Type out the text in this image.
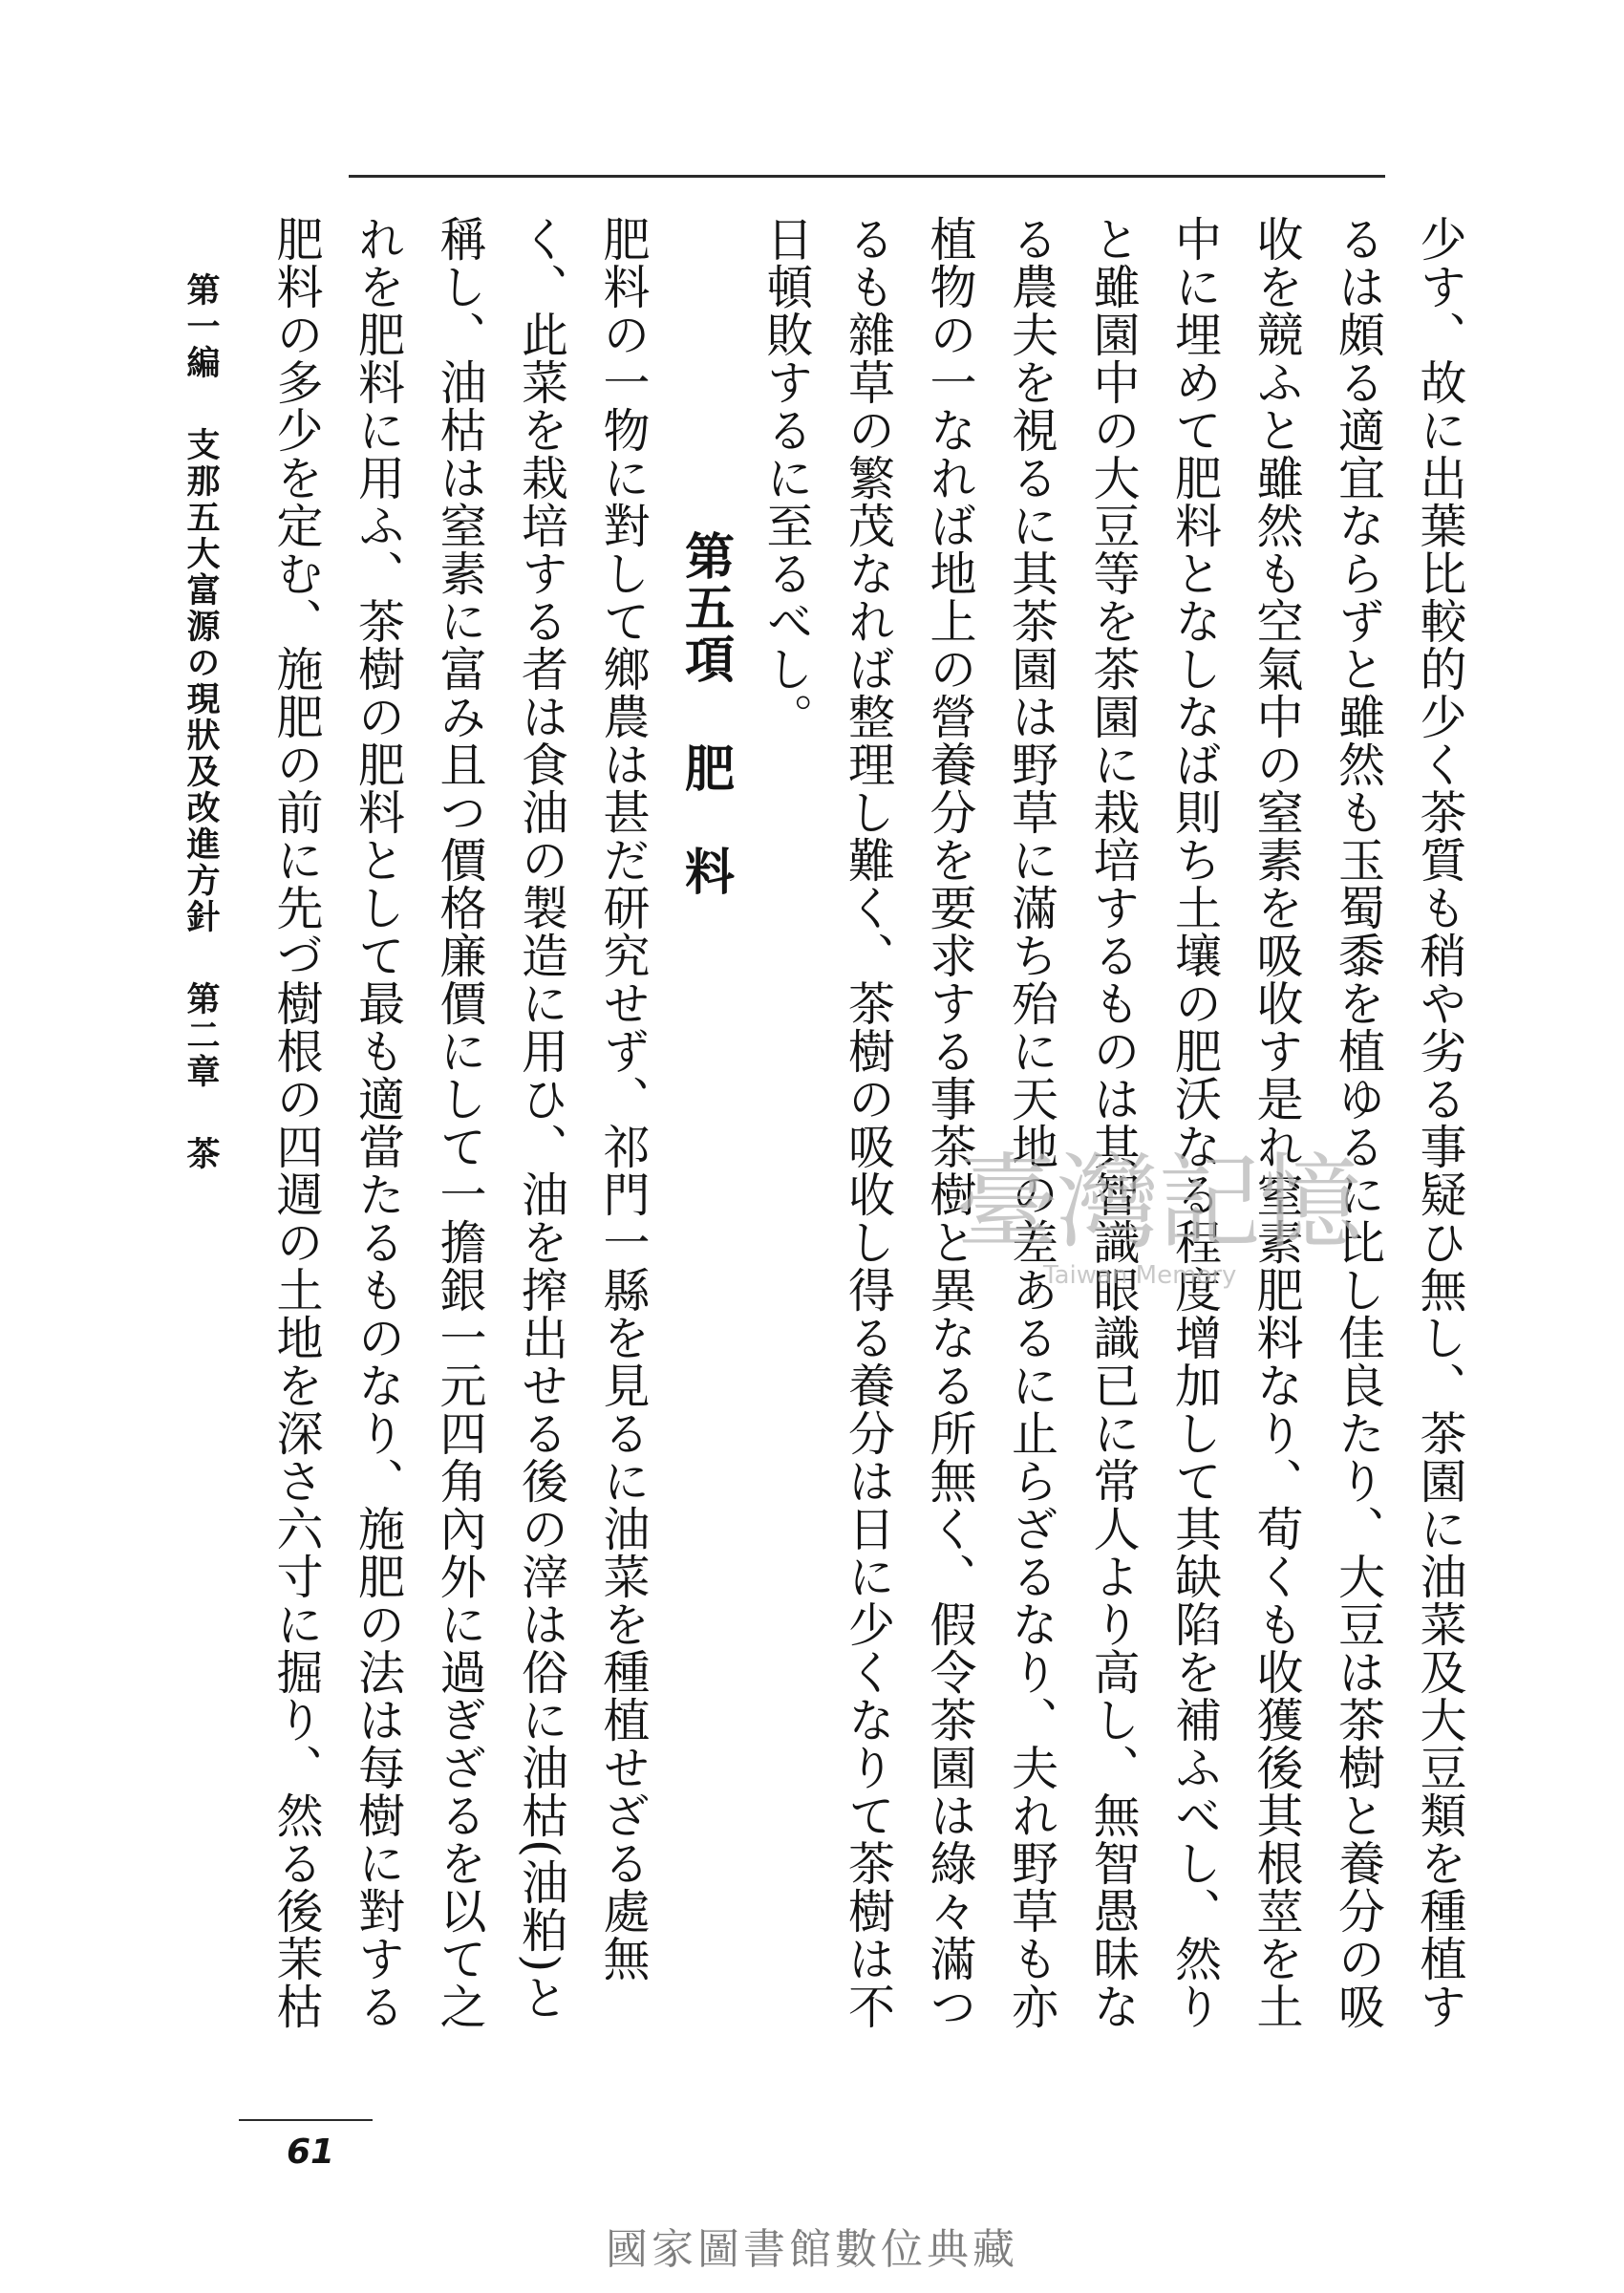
少す、故に出葉比較的少く茶質も稍や劣る事疑ひ無し、茶園に油菜及大豆類を種植するは頗る適宜ならずと雖然も玉蜀黍を植ゆるに比し佳良たり、大豆は茶樹と養分の吸收を競ふと雖然も空氣中の窒素を吸收す是れ窒素肥料なり、荀くも收獲後其根莖を土中に埋めて肥料となしなば則ち土壤の肥沃なる程度增加して其缺陷を補ふべし、然りと雖園中の大豆等を茶園に栽培するものは其智識眼識已に常人より高し、無智愚昧なる農夫を視るに其茶園は野草に滿ち殆に天地の差あるに止らざるなり、夫れ野草も亦植物の一なれば地上の營養分を要求する事茶樹と異なる所無く、假令茶園は綠々滿つるも雜草の繁茂なれば整理し難く、茶樹の吸收し得る養分は日に少くなりて茶樹は不日頓敗するに至るべし。

第五項肥　料

肥料の一物に對して鄉農は甚だ研究せず、祁門一縣を見るに油菜を種植せざる處無く、此菜を栽培する者は食油の製造に用ひ、油を搾出せる後の滓は俗に油枯(油粕)と稱し、油枯は窒素に富み且つ價格廉價にして一擔銀一元四角內外に過ぎざるを以て之れを肥料に用ふ、茶樹の肥料として最も適當たるものなり、施肥の法は每樹に對する肥料の多少を定む、施肥の前に先づ樹根の四週の土地を深さ六寸に掘り、然る後茉枯

第一編支那五大富源の現狀及改進方針第二章茶
61
臺灣記憶
Taiwan Memory
國家圖書館數位典藏
